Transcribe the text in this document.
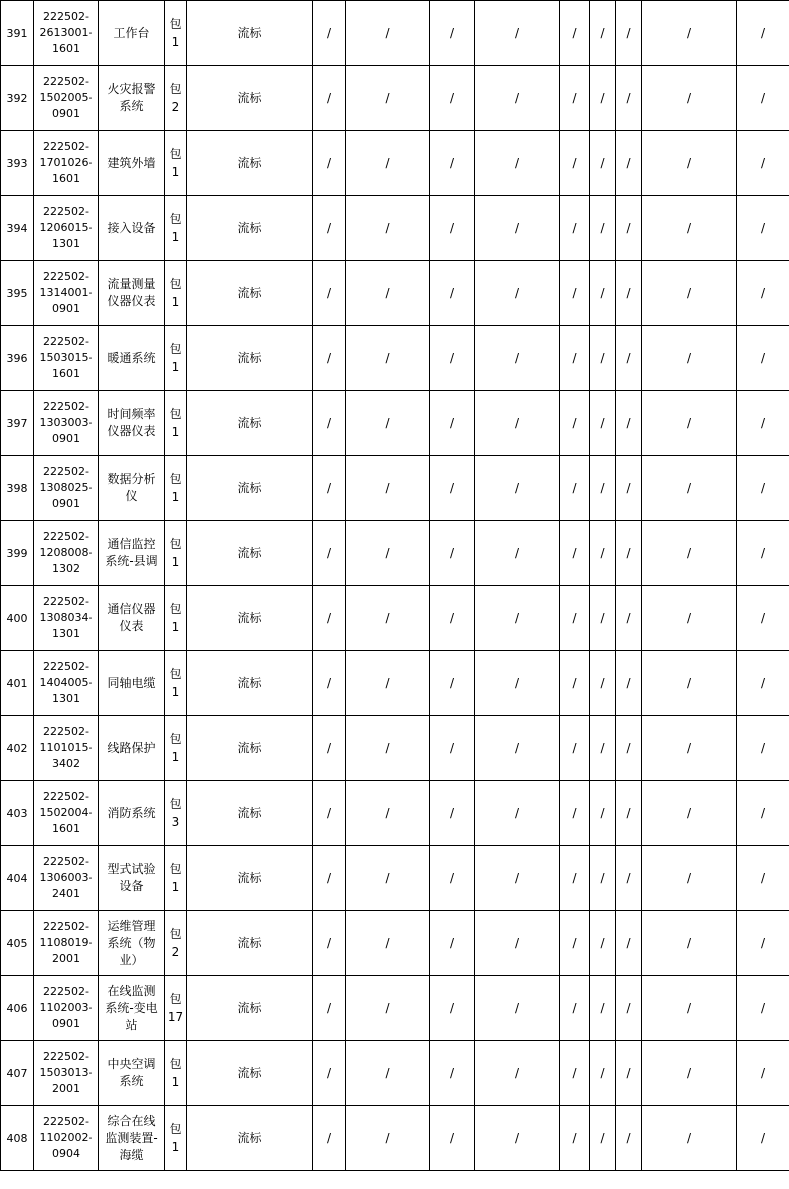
391	222502-
2613001-
1601	工作台	包
1	流标	/	/	/	/	/	/	/	/	/
392	222502-
1502005-
0901	火灾报警
系统	包
2	流标	/	/	/	/	/	/	/	/	/
393	222502-
1701026-
1601	建筑外墙	包
1	流标	/	/	/	/	/	/	/	/	/
394	222502-
1206015-
1301	接入设备	包
1	流标	/	/	/	/	/	/	/	/	/
395	222502-
1314001-
0901	流量测量
仪器仪表	包
1	流标	/	/	/	/	/	/	/	/	/
396	222502-
1503015-
1601	暖通系统	包
1	流标	/	/	/	/	/	/	/	/	/
397	222502-
1303003-
0901	时间频率
仪器仪表	包
1	流标	/	/	/	/	/	/	/	/	/
398	222502-
1308025-
0901	数据分析
仪	包
1	流标	/	/	/	/	/	/	/	/	/
399	222502-
1208008-
1302	通信监控
系统-县调	包
1	流标	/	/	/	/	/	/	/	/	/
400	222502-
1308034-
1301	通信仪器
仪表	包
1	流标	/	/	/	/	/	/	/	/	/
401	222502-
1404005-
1301	同轴电缆	包
1	流标	/	/	/	/	/	/	/	/	/
402	222502-
1101015-
3402	线路保护	包
1	流标	/	/	/	/	/	/	/	/	/
403	222502-
1502004-
1601	消防系统	包
3	流标	/	/	/	/	/	/	/	/	/
404	222502-
1306003-
2401	型式试验
设备	包
1	流标	/	/	/	/	/	/	/	/	/
405	222502-
1108019-
2001	运维管理
系统（物
业）	包
2	流标	/	/	/	/	/	/	/	/	/
406	222502-
1102003-
0901	在线监测
系统-变电
站	包
17	流标	/	/	/	/	/	/	/	/	/
407	222502-
1503013-
2001	中央空调
系统	包
1	流标	/	/	/	/	/	/	/	/	/
408	222502-
1102002-
0904	综合在线
监测装置-
海缆	包
1	流标	/	/	/	/	/	/	/	/	/
